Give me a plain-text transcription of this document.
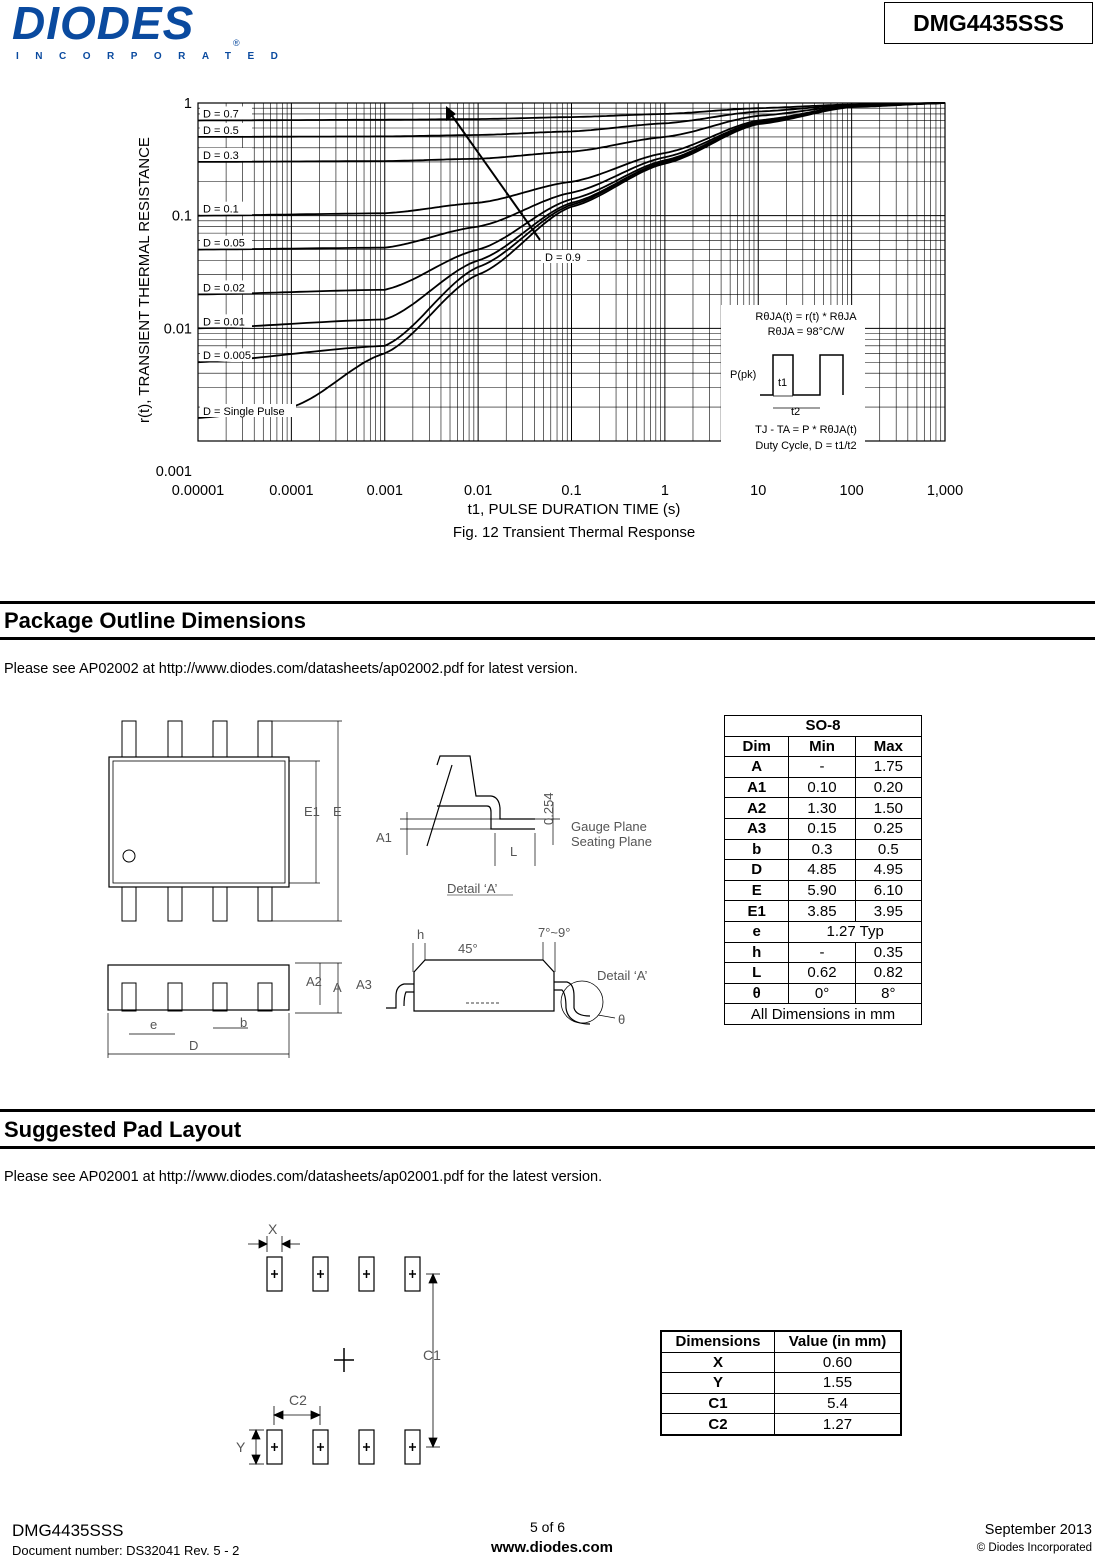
DIODES	®
INCORPORATED
DMG4435SSS
D = 0.7
D = 0.5
D = 0.3
D = 0.1
D = 0.05
D = 0.02
D = 0.01
D = 0.005
D = Single Pulse
0.00001	0.0001	0.001	0.01	0.1	1	10	100	1,000
1
0.1
0.01
0.001
D = 0.9
RθJA(t) = r(t) * RθJA
RθJA = 98°C/W
P(pk)
t1
t2
TJ - TA = P * RθJA(t)
Duty Cycle, D = t1/t2
t1, PULSE DURATION TIME (s)
Fig. 12 Transient Thermal Response
r(t), TRANSIENT THERMAL RESISTANCE
Package Outline Dimensions
Please see AP02002 at http://www.diodes.com/datasheets/ap02002.pdf for latest version.
E1 E
A2 A
e	b
D
A1
L
0.254
Gauge Plane
Seating Plane
Detail ‘A’
h
45°
7°~9°
A3
Detail ‘A’
θ
SO-8		
Dim	Min	Max
A	-	1.75
A1	0.10	0.20
A2	1.30	1.50
A3	0.15	0.25
b	0.3	0.5
D	4.85	4.95
E	5.90	6.10
E1	3.85	3.95
e	1.27 Typ	
h	-	0.35
L	0.62	0.82
θ	0°	8°
All Dimensions in mm		
Suggested Pad Layout
Please see AP02001 at http://www.diodes.com/datasheets/ap02001.pdf for the latest version.
X
C1
C2
Y
Dimensions	Value (in mm)
X	0.60
Y	1.55
C1	5.4
C2	1.27
DMG4435SSS
Document number: DS32041 Rev. 5 - 2
5 of 6
www.diodes.com
September 2013
© Diodes Incorporated
